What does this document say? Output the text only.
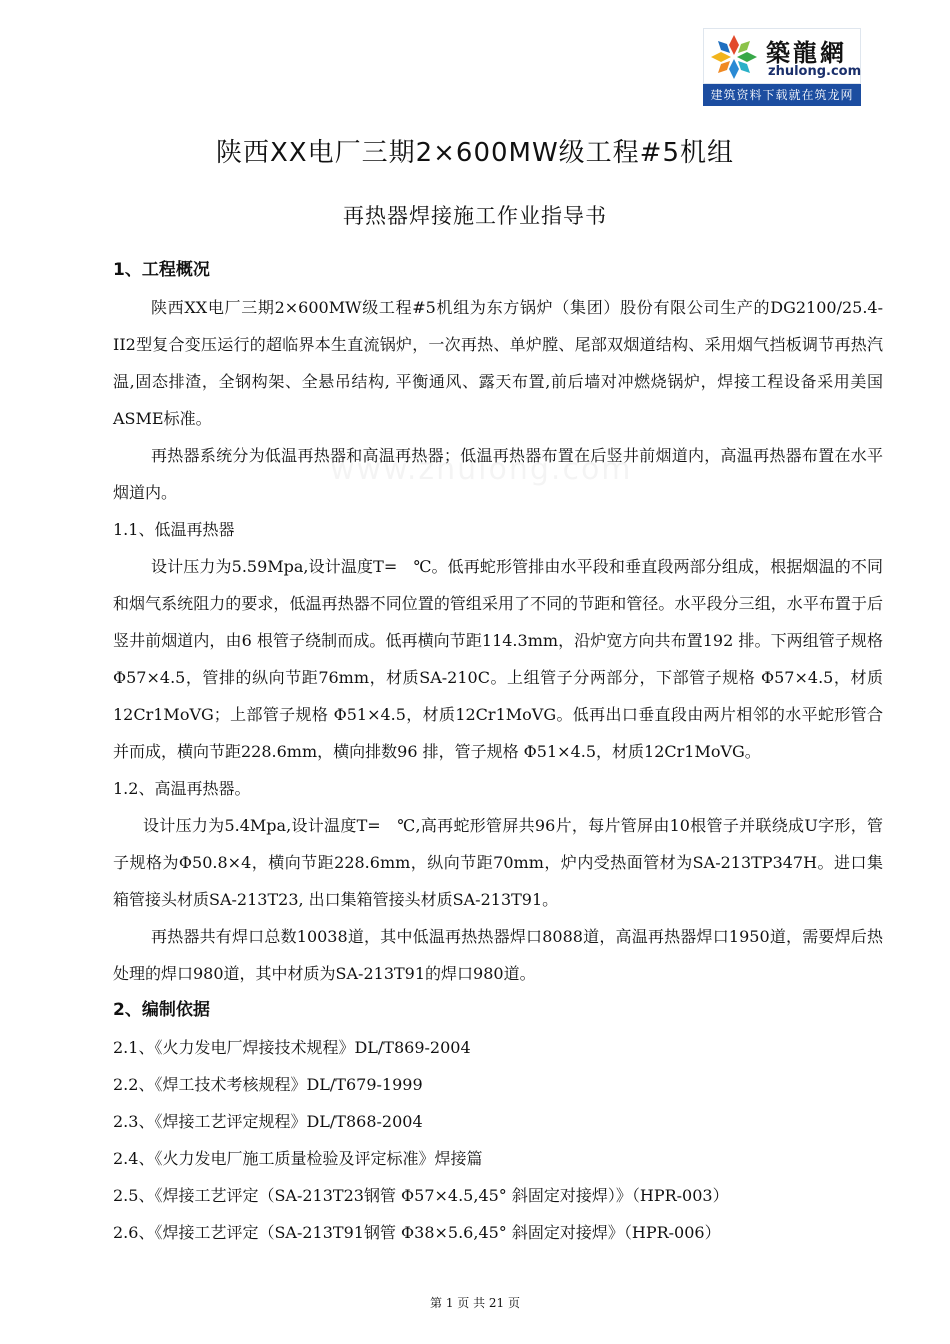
築龍網
zhulong.com
建筑资料下载就在筑龙网
陕西XX电厂三期2×600MW级工程#5机组
再热器焊接施工作业指导书

1、工程概况

陕西XX电厂三期2×600MW级工程#5机组为东方锅炉（集团）股份有限公司生产的DG2100/25.4-II2型复合变压运行的超临界本生直流锅炉，一次再热、单炉膛、尾部双烟道结构、采用烟气挡板调节再热汽温,固态排渣，全钢构架、全悬吊结构, 平衡通风、露天布置,前后墙对冲燃烧锅炉，焊接工程设备采用美国ASME标准。

再热器系统分为低温再热器和高温再热器；低温再热器布置在后竖井前烟道内，高温再热器布置在水平烟道内。

1.1、低温再热器

设计压力为5.59Mpa,设计温度T=　℃。低再蛇形管排由水平段和垂直段两部分组成，根据烟温的不同和烟气系统阻力的要求，低温再热器不同位置的管组采用了不同的节距和管径。水平段分三组，水平布置于后竖井前烟道内，由6 根管子绕制而成。低再横向节距114.3mm，沿炉宽方向共布置192 排。下两组管子规格 Φ57×4.5，管排的纵向节距76mm，材质SA-210C。上组管子分两部分，下部管子规格 Φ57×4.5，材质12Cr1MoVG；上部管子规格 Φ51×4.5，材质12Cr1MoVG。低再出口垂直段由两片相邻的水平蛇形管合并而成，横向节距228.6mm，横向排数96 排，管子规格 Φ51×4.5，材质12Cr1MoVG。

1.2、高温再热器。

设计压力为5.4Mpa,设计温度T=　℃,高再蛇形管屏共96片，每片管屏由10根管子并联绕成U字形，管子规格为Φ50.8×4，横向节距228.6mm，纵向节距70mm，炉内受热面管材为SA-213TP347H。进口集箱管接头材质SA-213T23, 出口集箱管接头材质SA-213T91。

再热器共有焊口总数10038道，其中低温再热热器焊口8088道，高温再热器焊口1950道，需要焊后热处理的焊口980道，其中材质为SA-213T91的焊口980道。

2、编制依据

2.1、《火力发电厂焊接技术规程》DL/T869-2004

2.2、《焊工技术考核规程》DL/T679-1999

2.3、《焊接工艺评定规程》DL/T868-2004

2.4、《火力发电厂施工质量检验及评定标准》焊接篇

2.5、《焊接工艺评定（SA-213T23钢管 Φ57×4.5,45° 斜固定对接焊）》（HPR-003）

2.6、《焊接工艺评定（SA-213T91钢管 Φ38×5.6,45° 斜固定对接焊》（HPR-006）

第 1 页 共 21 页
